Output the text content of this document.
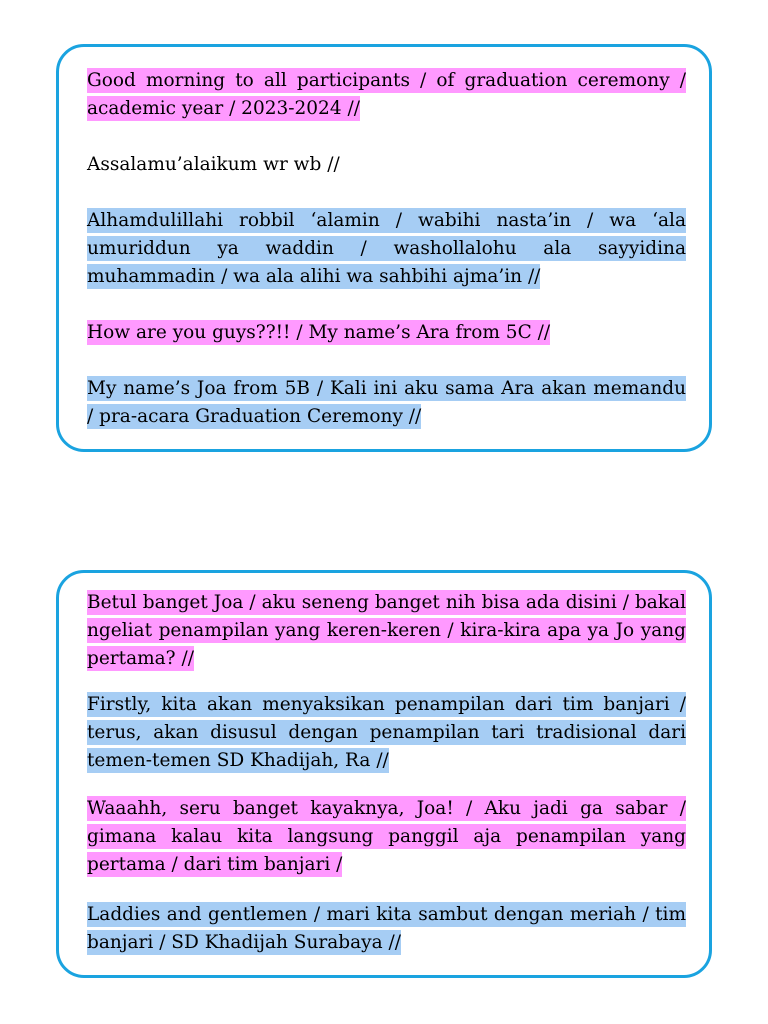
Good morning to all participants / of graduation ceremony / academic year / 2023-2024 //

Assalamu’alaikum wr wb //

Alhamdulillahi robbil ‘alamin / wabihi nasta’in / wa ‘ala umuriddun ya waddin / washollalohu ala sayyidina muhammadin / wa ala alihi wa sahbihi ajma’in //

How are you guys??!! / My name’s Ara from 5C //

My name’s Joa from 5B / Kali ini aku sama Ara akan memandu / pra-acara Graduation Ceremony //

Betul banget Joa / aku seneng banget nih bisa ada disini / bakal ngeliat penampilan yang keren-keren / kira-kira apa ya Jo yang pertama? //

Firstly, kita akan menyaksikan penampilan dari tim banjari / terus, akan disusul dengan penampilan tari tradisional dari temen-temen SD Khadijah, Ra //

Waaahh, seru banget kayaknya, Joa! / Aku jadi ga sabar / gimana kalau kita langsung panggil aja penampilan yang pertama / dari tim banjari /

Laddies and gentlemen / mari kita sambut dengan meriah / tim banjari / SD Khadijah Surabaya //
